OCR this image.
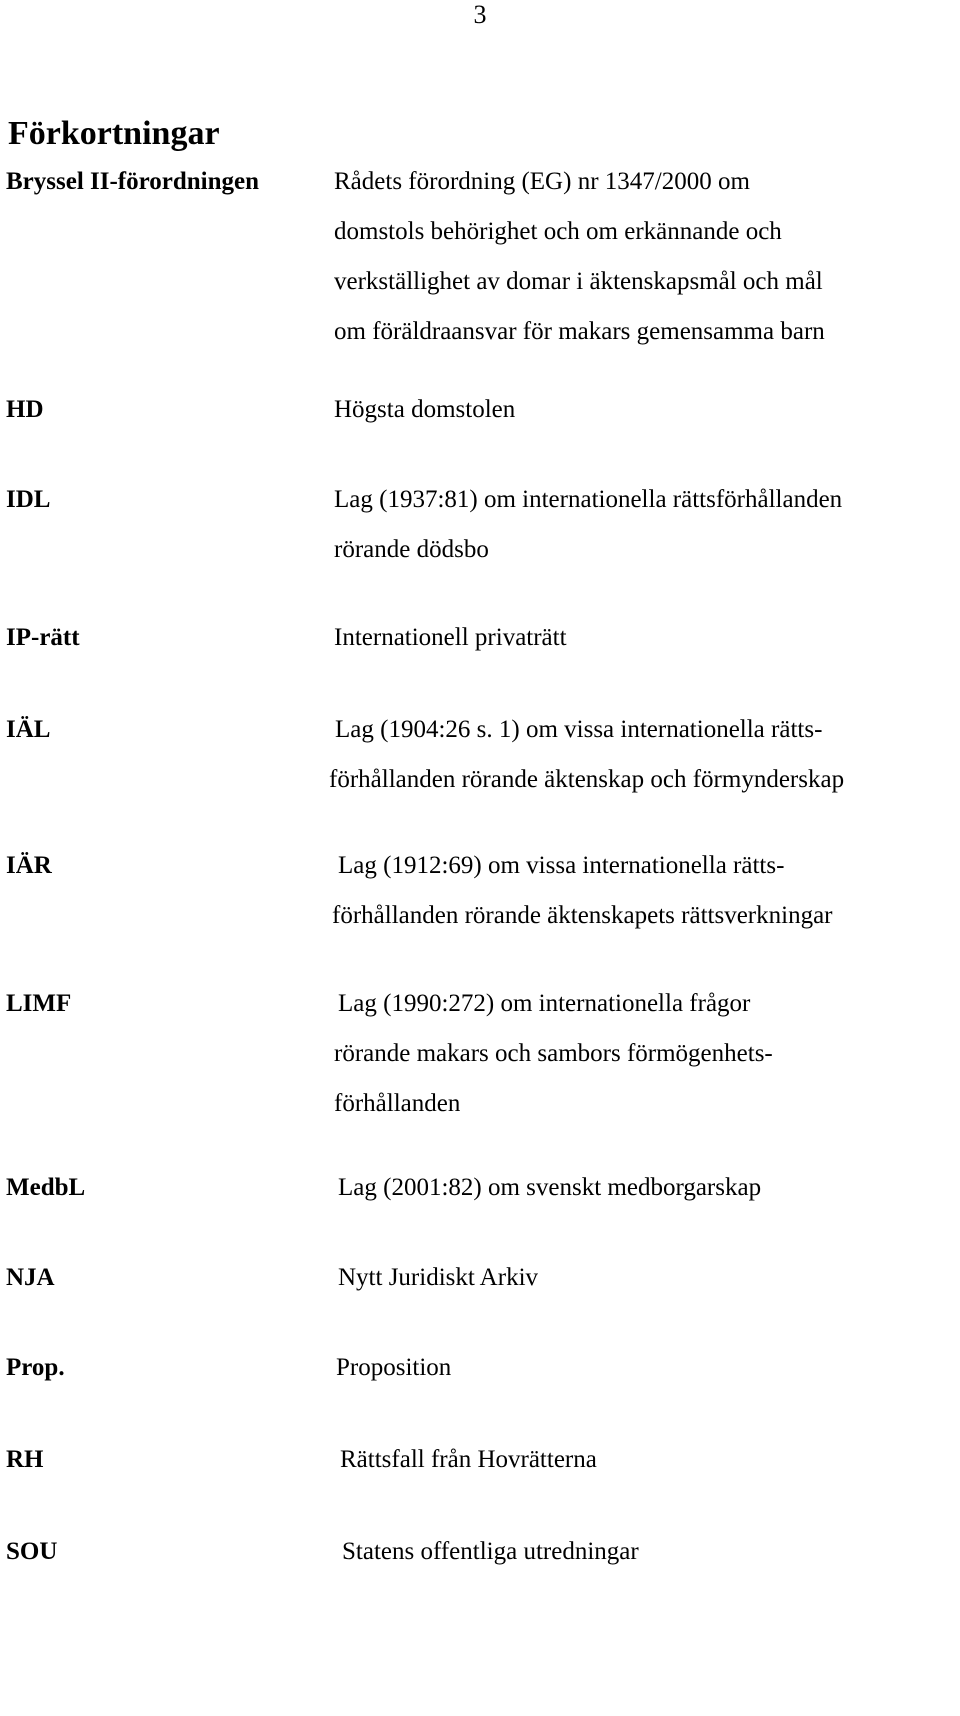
3
Förkortningar
Bryssel II-förordningen	Rådets förordning (EG) nr 1347/2000 om
domstols behörighet och om erkännande och
verkställighet av domar i äktenskapsmål och mål
om föräldraansvar för makars gemensamma barn
HD	Högsta domstolen
IDL	Lag (1937:81) om internationella rättsförhållanden
rörande dödsbo
IP-rätt	Internationell privaträtt
IÄL	Lag (1904:26 s. 1) om vissa internationella rätts-
förhållanden rörande äktenskap och förmynderskap
IÄR	Lag (1912:69) om vissa internationella rätts-
förhållanden rörande äktenskapets rättsverkningar
LIMF	Lag (1990:272) om internationella frågor
rörande makars och sambors förmögenhets-
förhållanden
MedbL	Lag (2001:82) om svenskt medborgarskap
NJA	Nytt Juridiskt Arkiv
Prop.	Proposition
RH	Rättsfall från Hovrätterna
SOU	Statens offentliga utredningar
